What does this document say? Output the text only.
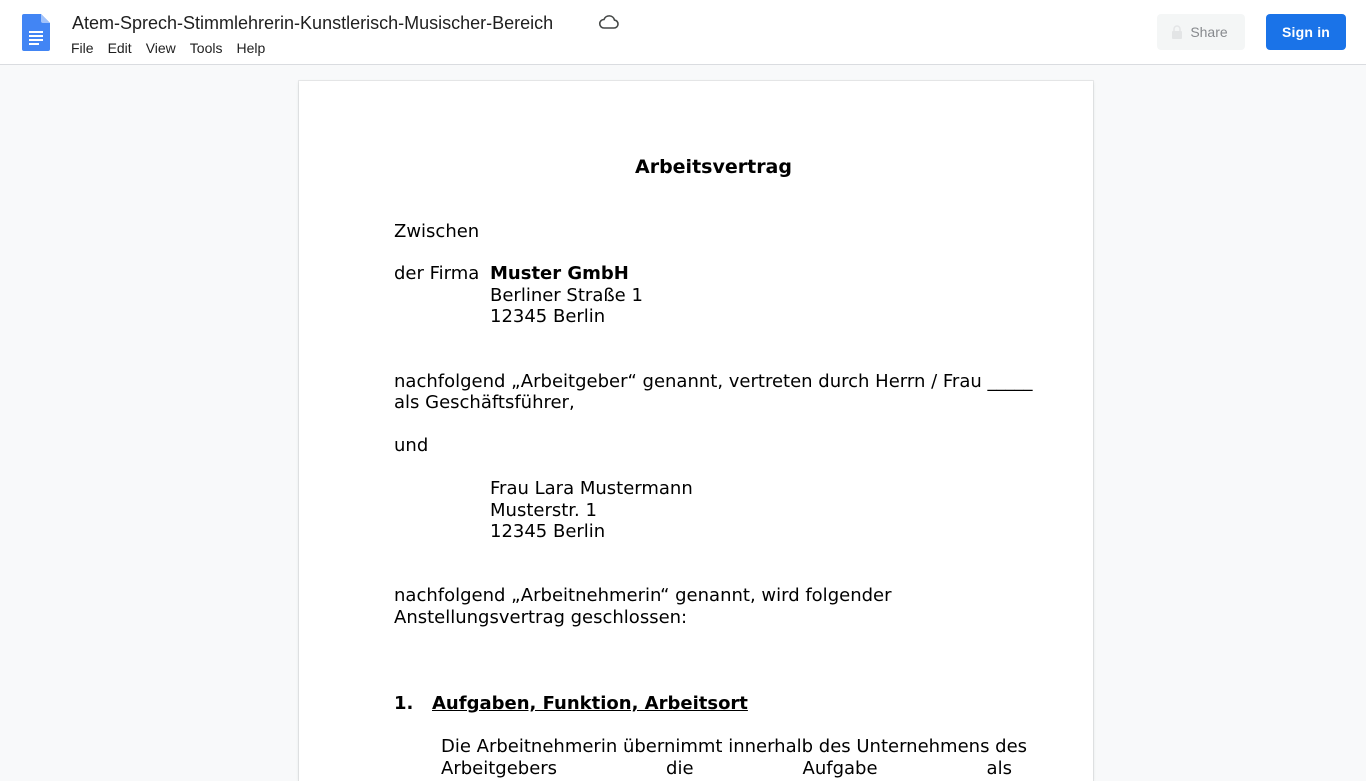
Atem-Sprech-Stimmlehrerin-Kunstlerisch-Musischer-Bereich
File	Edit	View	Tools	Help
Share	Sign in
Arbeitsvertrag
Zwischen
der Firma Muster GmbH
Berliner Straße 1
12345 Berlin
nachfolgend „Arbeitgeber“ genannt, vertreten durch Herrn / Frau _____
als Geschäftsführer,
und
Frau Lara Mustermann
Musterstr. 1
12345 Berlin
nachfolgend „Arbeitnehmerin“ genannt, wird folgender
Anstellungsvertrag geschlossen:
1. Aufgaben, Funktion, Arbeitsort
Die Arbeitnehmerin übernimmt innerhalb des Unternehmens des
Arbeitgebers	die	Aufgabe	als
